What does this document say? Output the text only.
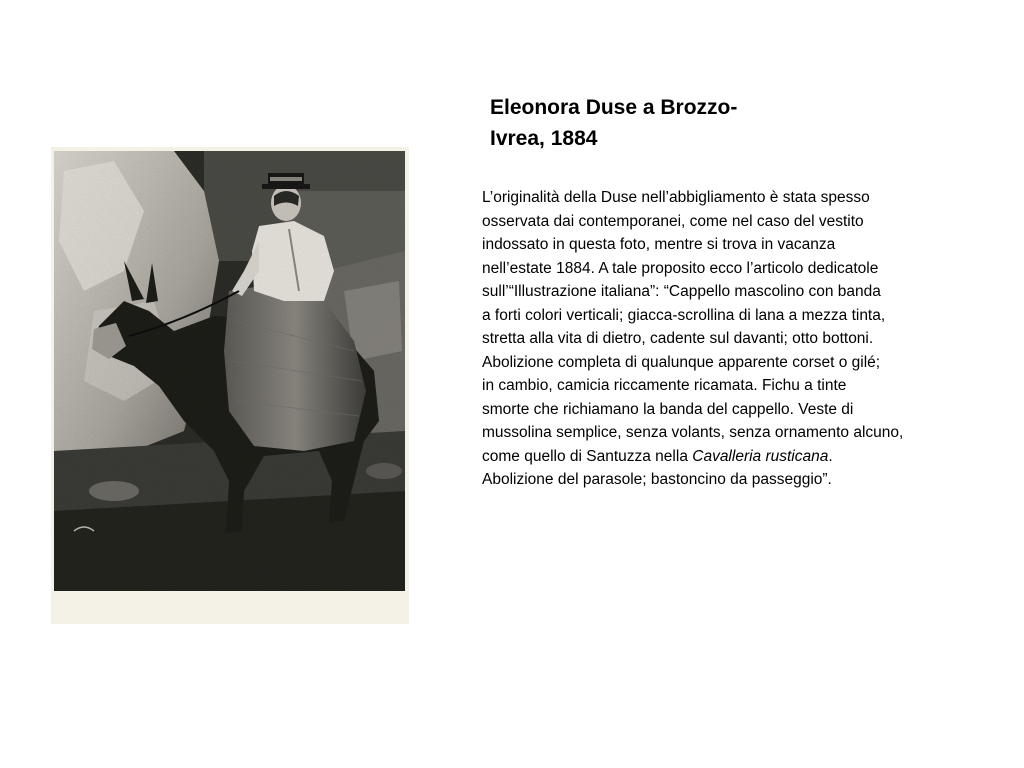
Eleonora Duse a Brozzo-
Ivrea, 1884

L’originalità della Duse nell’abbigliamento è stata spesso
osservata dai contemporanei, come nel caso del vestito
indossato in questa foto, mentre si trova in vacanza
nell’estate 1884. A tale proposito ecco l’articolo dedicatole
sull’“Illustrazione italiana”: “Cappello mascolino con banda
a forti colori verticali; giacca-scrollina di lana a mezza tinta,
stretta alla vita di dietro, cadente sul davanti; otto bottoni.
Abolizione completa di qualunque apparente corset o gilé;
in cambio, camicia riccamente ricamata. Fichu a tinte
smorte che richiamano la banda del cappello. Veste di
mussolina semplice, senza volants, senza ornamento alcuno,
come quello di Santuzza nella Cavalleria rusticana.
Abolizione del parasole; bastoncino da passeggio”.
